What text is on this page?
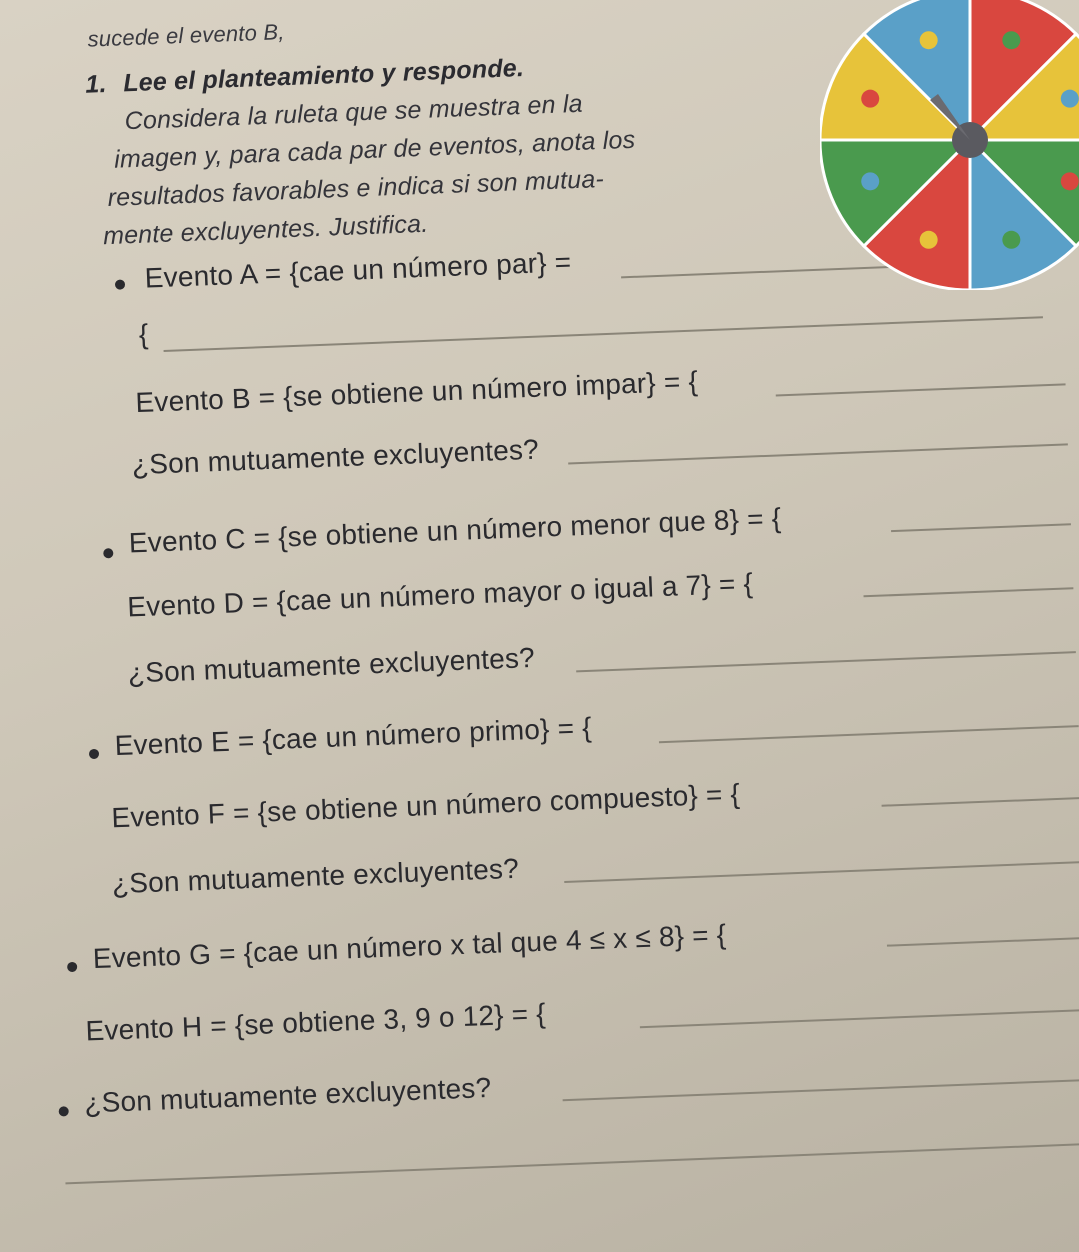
sucede el evento B,
1. Lee el planteamiento y responde.
Considera la ruleta que se muestra en la
imagen y, para cada par de eventos, anota los
resultados favorables e indica si son mutua-
mente excluyentes. Justifica.
Evento A = {cae un número par} =
{
Evento B = {se obtiene un número impar} = {
¿Son mutuamente excluyentes?
Evento C = {se obtiene un número menor que 8} = {
Evento D = {cae un número mayor o igual a 7} = {
¿Son mutuamente excluyentes?
Evento E = {cae un número primo} = {
Evento F = {se obtiene un número compuesto} = {
¿Son mutuamente excluyentes?
Evento G = {cae un número x tal que 4 ≤ x ≤ 8} = {
Evento H = {se obtiene 3, 9 o 12} = {
¿Son mutuamente excluyentes?
